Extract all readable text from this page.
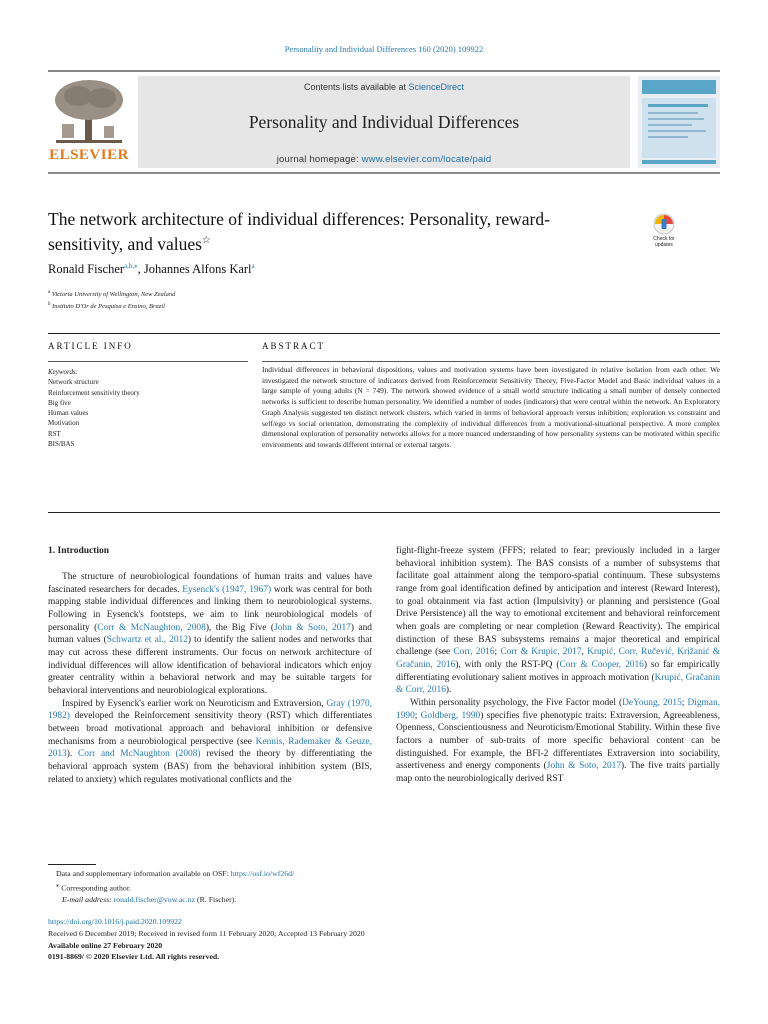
Personality and Individual Differences 160 (2020) 109922
ELSEVIER
Contents lists available at ScienceDirect
Personality and Individual Differences
journal homepage: www.elsevier.com/locate/paid
The network architecture of individual differences: Personality, reward-
sensitivity, and values☆	Check for
updates
Ronald Fischer$^{a,b,⁎}$, Johannes Alfons Karl$^a$
$^a$ Victoria University of Wellington, New Zealand
$^b$ Instituto D'Or de Pesquisa e Ensino, Brazil
ARTICLE INFO	ABSTRACT
Keywords:
Network structure
Reinforcement sensitivity theory
Big five
Human values
Motivation
RST
BIS/BAS
Individual differences in behavioral dispositions, values and motivation systems have been investigated in relative isolation from each other. We investigated the network structure of indicators derived from Reinforcement Sensitivity Theory, Five-Factor Model and Basic individual values in a large sample of young adults (N = 749). The network showed evidence of a small world structure indicating a small number of densely connected networks is sufficient to describe human personality. We identified a number of nodes (indicators) that were central within the network. An Exploratory Graph Analysis suggested ten distinct network clusters, which varied in terms of behavioral approach versus inhibition; exploration vs constraint and self/ego vs social orientation, demonstrating the complexity of individual differences from a motivational-situational perspective. A more complex dimensional exploration of personality networks allows for a more nuanced understanding of how personality systems can be motivated within specific environments and towards different internal or external targets.
1. Introduction

The structure of neurobiological foundations of human traits and values have fascinated researchers for decades. Eysenck's (1947, 1967) work was central for both mapping stable individual differences and linking them to neurobiological systems. Following in Eysenck's footsteps, we aim to link neurobiological models of personality (Corr & McNaughton, 2008), the Big Five (John & Soto, 2017) and human values (Schwartz et al., 2012) to identify the salient nodes and networks that may cut across these different instruments. Our focus on network architecture of individual differences will allow identification of behavioral indicators which enjoy greater centrality within a behavioral network and may be suitable targets for behavioral interventions and neurobiological explorations.

Inspired by Eysenck's earlier work on Neuroticism and Extraversion, Gray (1970, 1982) developed the Reinforcement sensitivity theory (RST) which differentiates between broad motivational approach and behavioral inhibition or defensive mechanisms from a neurobiological perspective (see Kennis, Rademaker & Geuze, 2013). Corr and McNaughton (2008) revised the theory by differentiating the behavioral approach system (BAS) from the behavioral inhibition system (BIS, related to anxiety) which regulates motivational conflicts and the

fight-flight-freeze system (FFFS; related to fear; previously included in a larger behavioral inhibition system). The BAS consists of a number of subsystems that facilitate goal attainment along the temporo-spatial continuum. These subsystems range from goal identification defined by anticipation and interest (Reward Interest), to goal obtainment via fast action (Impulsivity) or planning and persistence (Goal Drive Persistence) all the way to emotional excitement and behavioral reinforcement when goals are completing or near completion (Reward Reactivity). The empirical distinction of these BAS subsystems remains a major theoretical and empirical challenge (see Corr, 2016; Corr & Krupic, 2017, Krupić, Corr, Ručević, Križanić & Gračanin, 2016), with only the RST-PQ (Corr & Cooper, 2016) so far empirically differentiating evolutionary salient motives in approach motivation (Krupić, Gračanin & Corr, 2016).

Within personality psychology, the Five Factor model (DeYoung, 2015; Digman, 1990; Goldberg, 1990) specifies five phenotypic traits: Extraversion, Agreeableness, Openness, Conscientiousness and Neuroticism/Emotional Stability. Within these five factors a number of sub-traits of more specific behavioral content can be distinguished. For example, the BFI-2 differentiates Extraversion into sociability, assertiveness and energy components (John & Soto, 2017). The five traits partially map onto the neurobiologically derived RST

Data and supplementary information available on OSF: https://osf.io/wf26d/
⁎ Corresponding author.
E-mail address: ronald.fischer@vuw.ac.nz (R. Fischer).
https://doi.org/10.1016/j.paid.2020.109922
Received 6 December 2019; Received in revised form 11 February 2020; Accepted 13 February 2020
Available online 27 February 2020
0191-8869/ © 2020 Elsevier Ltd. All rights reserved.
